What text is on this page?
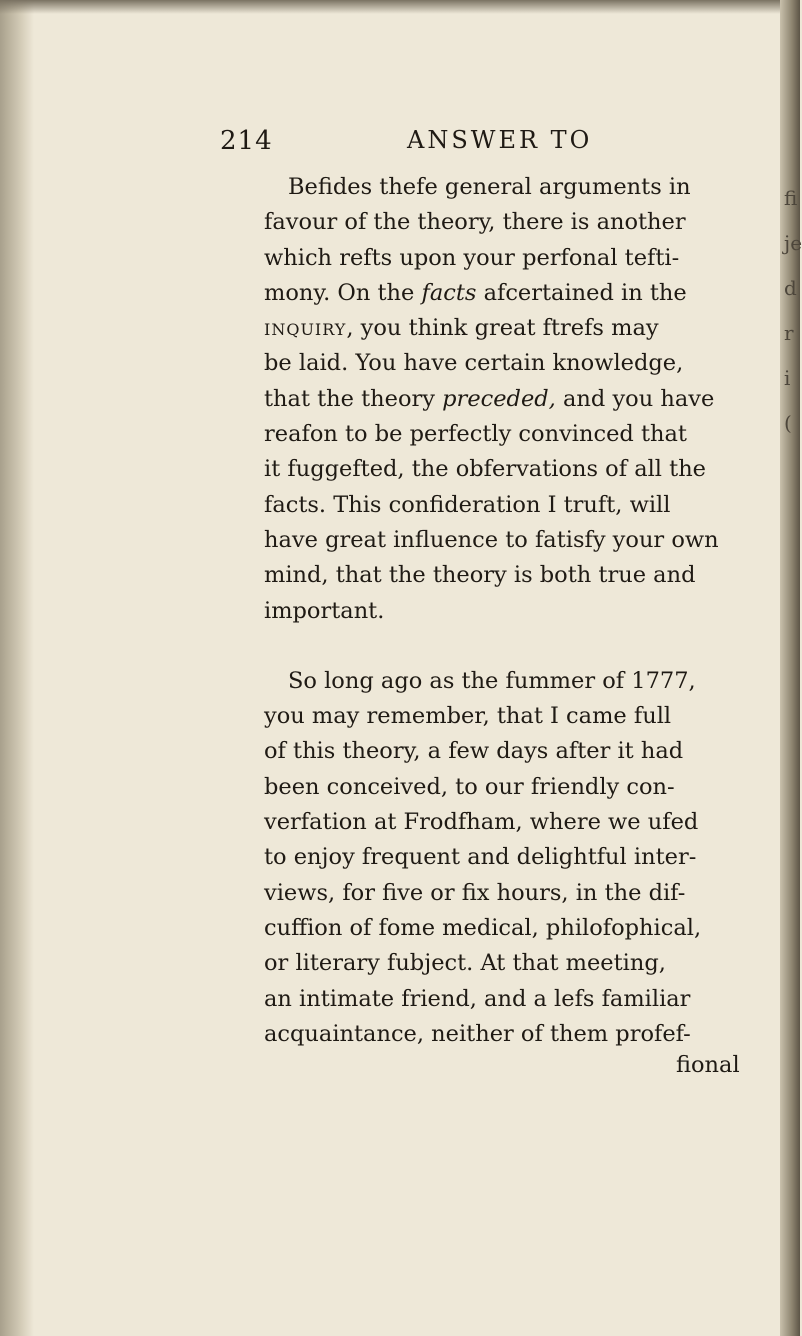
fi
je
d
r
i
(
214	ANSWER TO

Befides thefe general arguments in
favour of the theory, there is another
which refts upon your perfonal tefti-
mony. On the facts afcertained in the
inquiry, you think great ftrefs may
be laid. You have certain knowledge,
that the theory preceded, and you have
reafon to be perfectly convinced that
it fuggefted, the obfervations of all the
facts. This confideration I truft, will
have great influence to fatisfy your own
mind, that the theory is both true and
important.

So long ago as the fummer of 1777,
you may remember, that I came full
of this theory, a few days after it had
been conceived, to our friendly con-
verfation at Frodfham, where we ufed
to enjoy frequent and delightful inter-
views, for five or fix hours, in the dif-
cuffion of fome medical, philofophical,
or literary fubject. At that meeting,
an intimate friend, and a lefs familiar
acquaintance, neither of them profef-

fional
